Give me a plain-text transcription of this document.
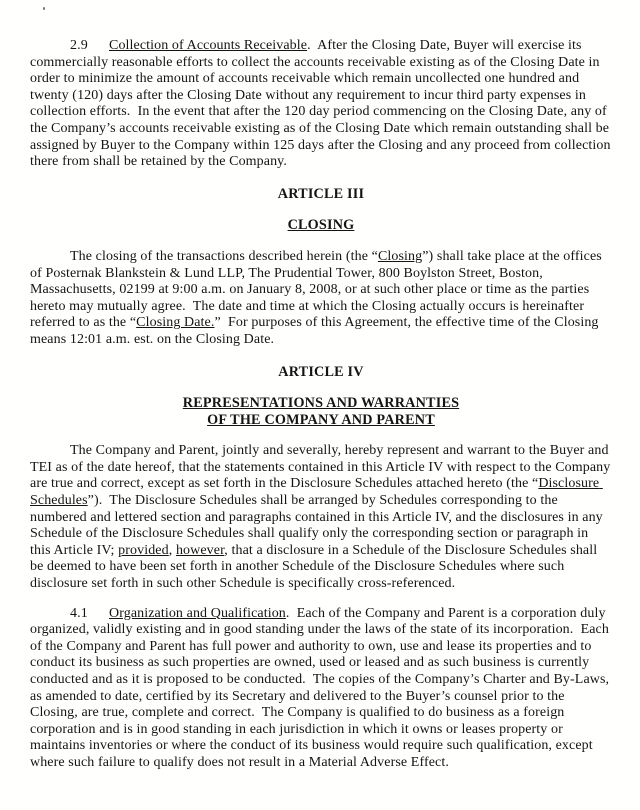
2.9 Collection of Accounts Receivable.  After the Closing Date, Buyer will exercise its commercially reasonable efforts to collect the accounts receivable existing as of the Closing Date in order to minimize the amount of accounts receivable which remain uncollected one hundred and twenty (120) days after the Closing Date without any requirement to incur third party expenses in collection efforts.  In the event that after the 120 day period commencing on the Closing Date, any of the Company’s accounts receivable existing as of the Closing Date which remain outstanding shall be assigned by Buyer to the Company within 125 days after the Closing and any proceed from collection there from shall be retained by the Company.

ARTICLE III
CLOSING

The closing of the transactions described herein (the “Closing”) shall take place at the offices of Posternak Blankstein & Lund LLP, The Prudential Tower, 800 Boylston Street, Boston, Massachusetts, 02199 at 9:00 a.m. on January 8, 2008, or at such other place or time as the parties hereto may mutually agree.  The date and time at which the Closing actually occurs is hereinafter referred to as the “Closing Date.”  For purposes of this Agreement, the effective time of the Closing means 12:01 a.m. est. on the Closing Date.

ARTICLE IV
REPRESENTATIONS AND WARRANTIES
OF THE COMPANY AND PARENT

The Company and Parent, jointly and severally, hereby represent and warrant to the Buyer and TEI as of the date hereof, that the statements contained in this Article IV with respect to the Company are true and correct, except as set forth in the Disclosure Schedules attached hereto (the “Disclosure Schedules”).  The Disclosure Schedules shall be arranged by Schedules corresponding to the numbered and lettered section and paragraphs contained in this Article IV, and the disclosures in any Schedule of the Disclosure Schedules shall qualify only the corresponding section or paragraph in this Article IV; provided, however, that a disclosure in a Schedule of the Disclosure Schedules shall be deemed to have been set forth in another Schedule of the Disclosure Schedules where such disclosure set forth in such other Schedule is specifically cross-referenced.

4.1 Organization and Qualification.  Each of the Company and Parent is a corporation duly organized, validly existing and in good standing under the laws of the state of its incorporation.  Each of the Company and Parent has full power and authority to own, use and lease its properties and to conduct its business as such properties are owned, used or leased and as such business is currently conducted and as it is proposed to be conducted.  The copies of the Company’s Charter and By-Laws, as amended to date, certified by its Secretary and delivered to the Buyer’s counsel prior to the Closing, are true, complete and correct.  The Company is qualified to do business as a foreign corporation and is in good standing in each jurisdiction in which it owns or leases property or maintains inventories or where the conduct of its business would require such qualification, except where such failure to qualify does not result in a Material Adverse Effect.
